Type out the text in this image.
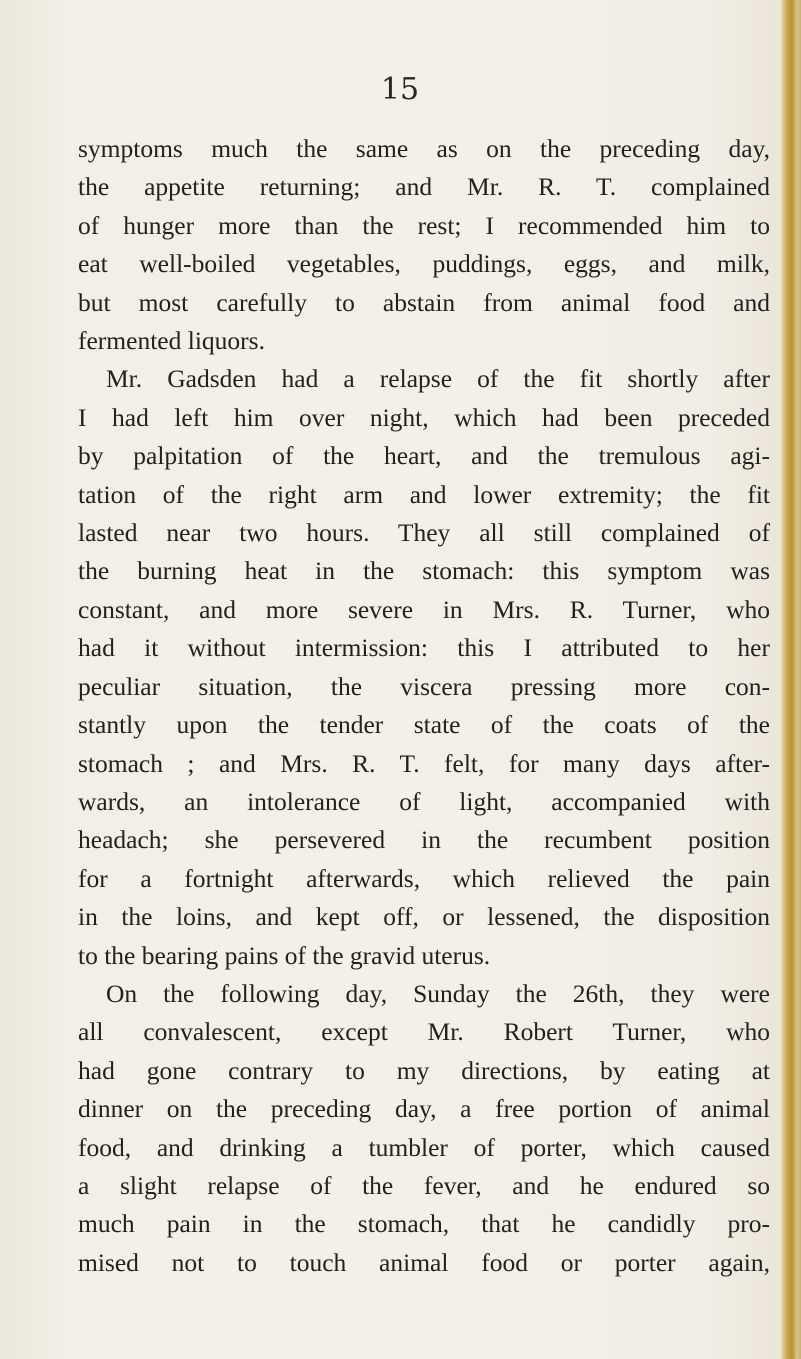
15

symptoms much the same as on the preceding day,
the appetite returning; and Mr. R. T. complained
of hunger more than the rest; I recommended him to
eat well-boiled vegetables, puddings, eggs, and milk,
but most carefully to abstain from animal food and
fermented liquors.

Mr. Gadsden had a relapse of the fit shortly after
I had left him over night, which had been preceded
by palpitation of the heart, and the tremulous agi-
tation of the right arm and lower extremity; the fit
lasted near two hours. They all still complained of
the burning heat in the stomach: this symptom was
constant, and more severe in Mrs. R. Turner, who
had it without intermission: this I attributed to her
peculiar situation, the viscera pressing more con-
stantly upon the tender state of the coats of the
stomach ; and Mrs. R. T. felt, for many days after-
wards, an intolerance of light, accompanied with
headach; she persevered in the recumbent position
for a fortnight afterwards, which relieved the pain
in the loins, and kept off, or lessened, the disposition
to the bearing pains of the gravid uterus.

On the following day, Sunday the 26th, they were
all convalescent, except Mr. Robert Turner, who
had gone contrary to my directions, by eating at
dinner on the preceding day, a free portion of animal
food, and drinking a tumbler of porter, which caused
a slight relapse of the fever, and he endured so
much pain in the stomach, that he candidly pro-
mised not to touch animal food or porter again,
